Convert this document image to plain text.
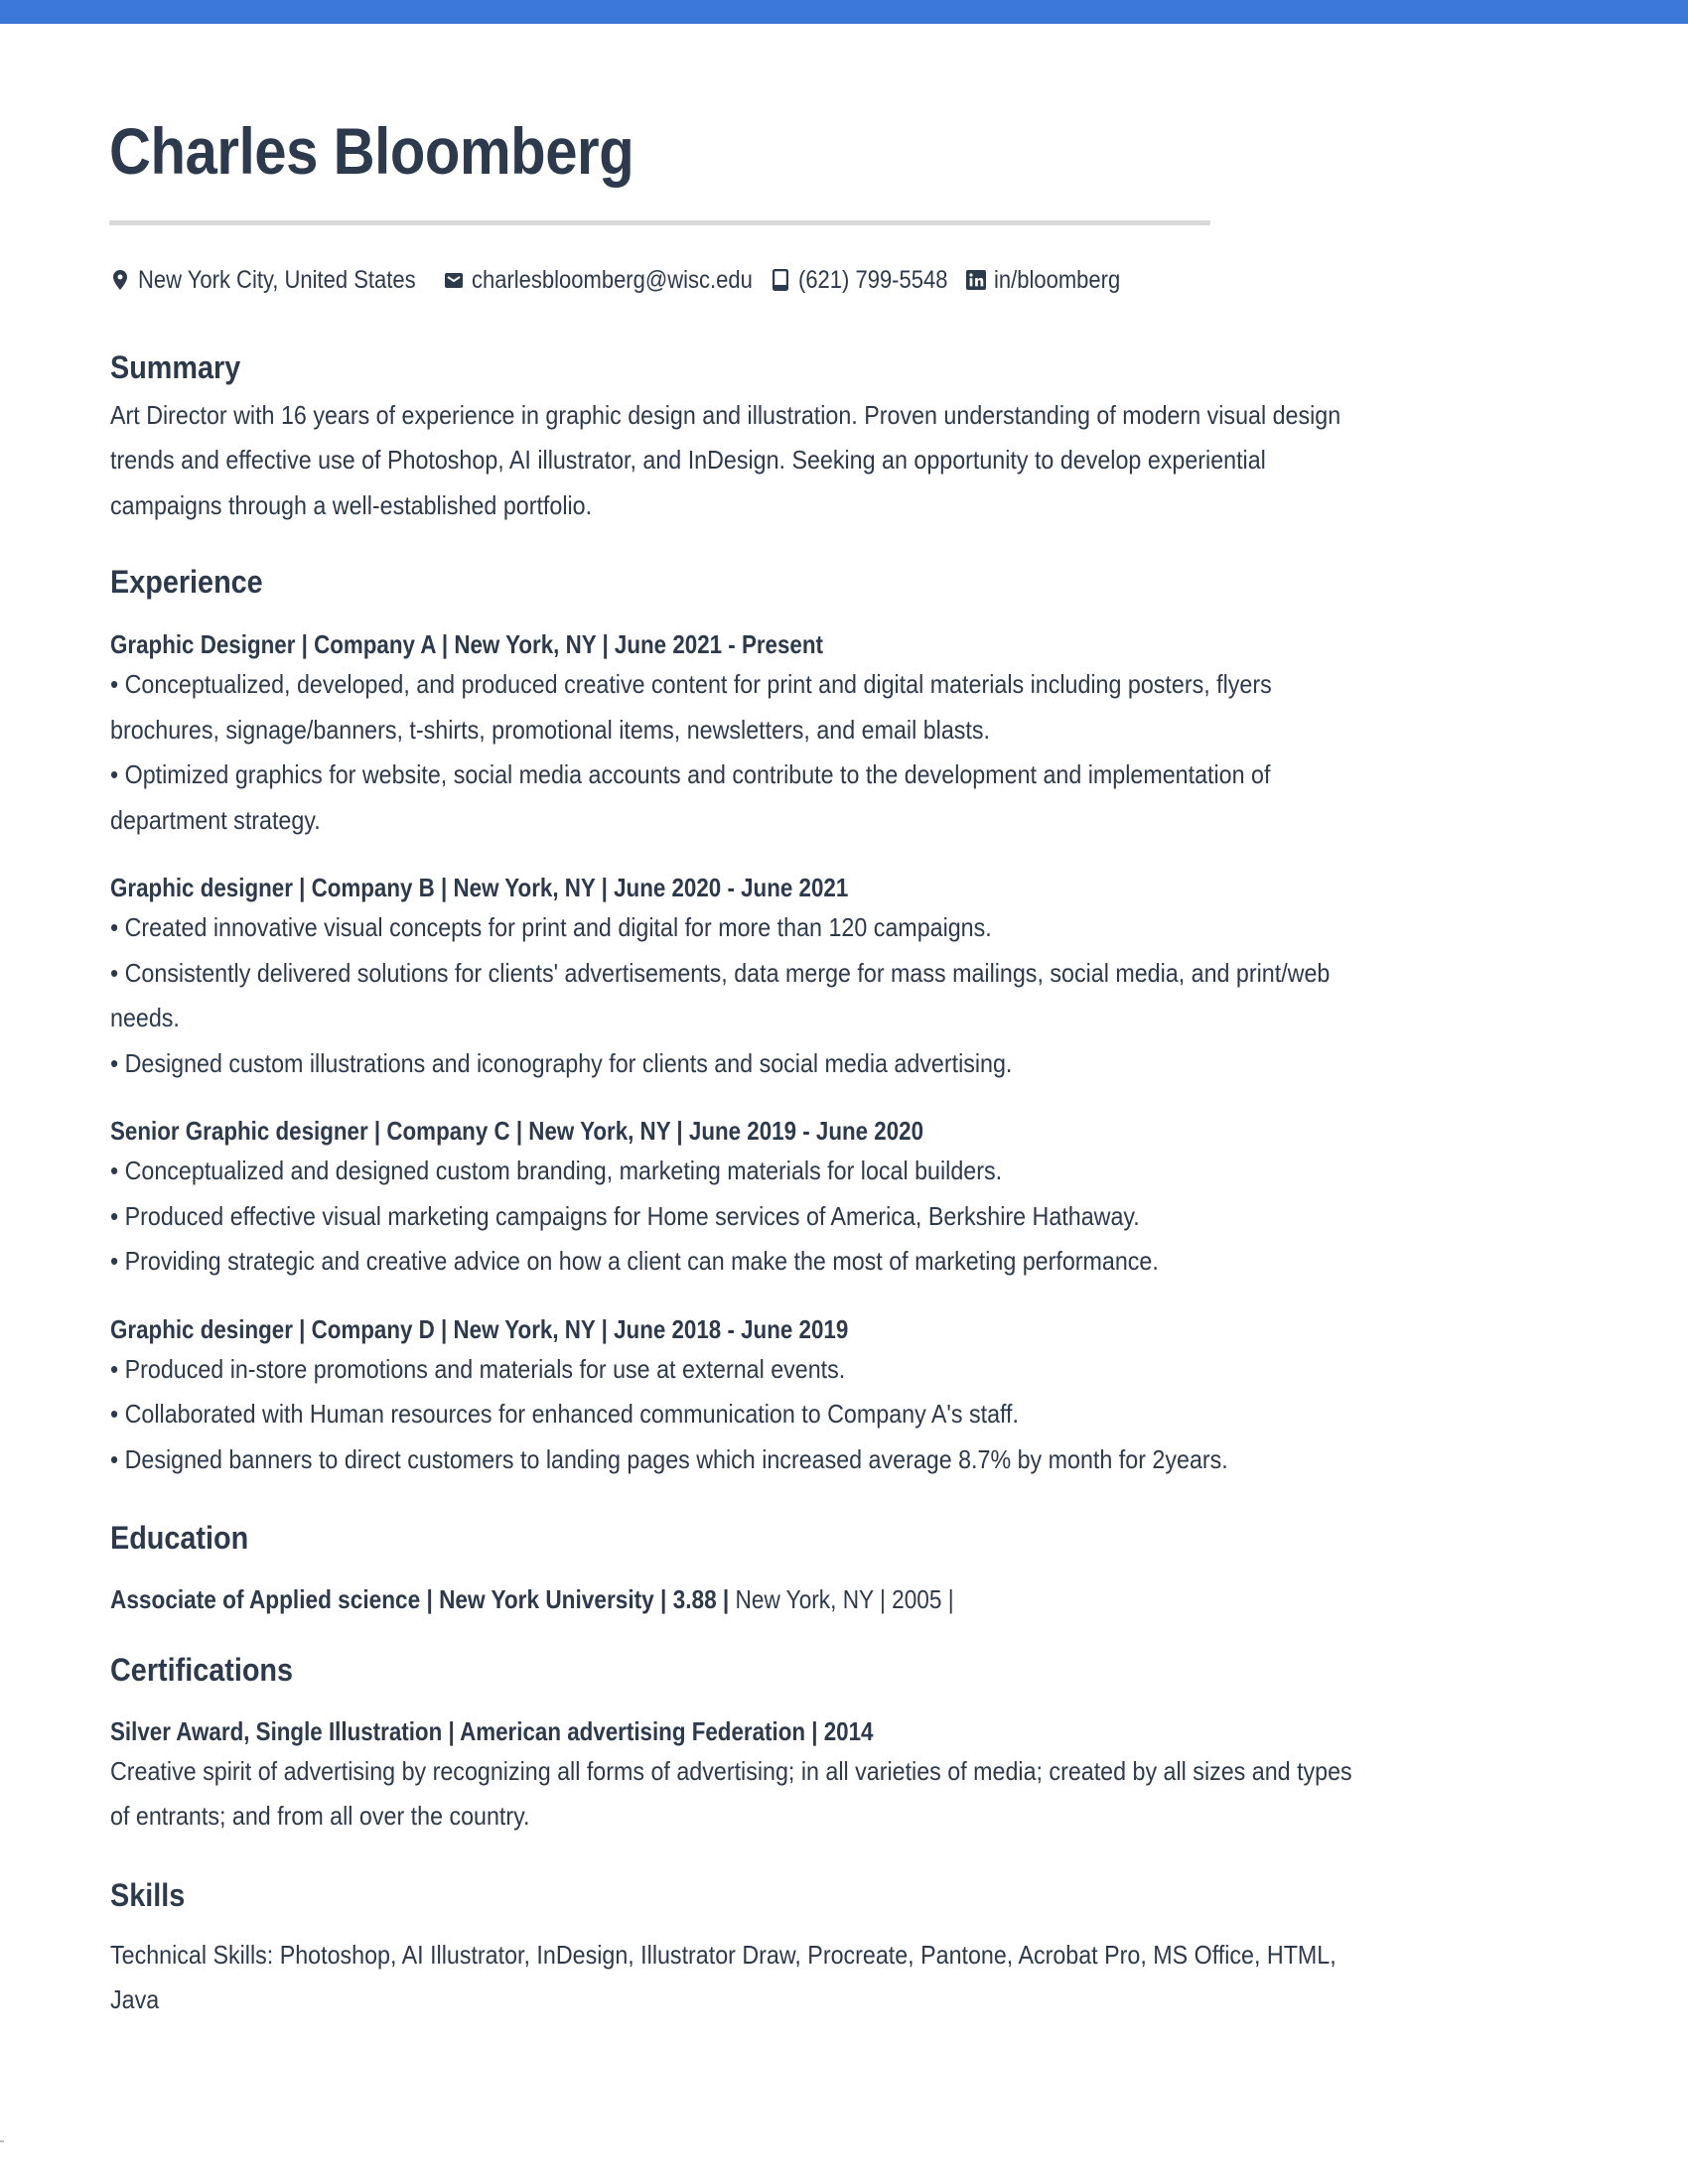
Charles Bloomberg
New York City, United States charlesbloomberg@wisc.edu (621) 799-5548 in/bloomberg
Summary
Art Director with 16 years of experience in graphic design and illustration. Proven understanding of modern visual design
trends and effective use of Photoshop, AI illustrator, and InDesign. Seeking an opportunity to develop experiential
campaigns through a well-established portfolio.
Experience
Graphic Designer | Company A | New York, NY | June 2021 - Present
• Conceptualized, developed, and produced creative content for print and digital materials including posters, flyers
brochures, signage/banners, t-shirts, promotional items, newsletters, and email blasts.
• Optimized graphics for website, social media accounts and contribute to the development and implementation of
department strategy.
Graphic designer | Company B | New York, NY | June 2020 - June 2021
• Created innovative visual concepts for print and digital for more than 120 campaigns.
• Consistently delivered solutions for clients' advertisements, data merge for mass mailings, social media, and print/web
needs.
• Designed custom illustrations and iconography for clients and social media advertising.
Senior Graphic designer | Company C | New York, NY | June 2019 - June 2020
• Conceptualized and designed custom branding, marketing materials for local builders.
• Produced effective visual marketing campaigns for Home services of America, Berkshire Hathaway.
• Providing strategic and creative advice on how a client can make the most of marketing performance.
Graphic desinger | Company D | New York, NY | June 2018 - June 2019
• Produced in-store promotions and materials for use at external events.
• Collaborated with Human resources for enhanced communication to Company A's staff.
• Designed banners to direct customers to landing pages which increased average 8.7% by month for 2years.
Education
Associate of Applied science | New York University | 3.88 | New York, NY | 2005 |
Certifications
Silver Award, Single Illustration | American advertising Federation | 2014
Creative spirit of advertising by recognizing all forms of advertising; in all varieties of media; created by all sizes and types
of entrants; and from all over the country.
Skills
Technical Skills: Photoshop, AI Illustrator, InDesign, Illustrator Draw, Procreate, Pantone, Acrobat Pro, MS Office, HTML,
Java
